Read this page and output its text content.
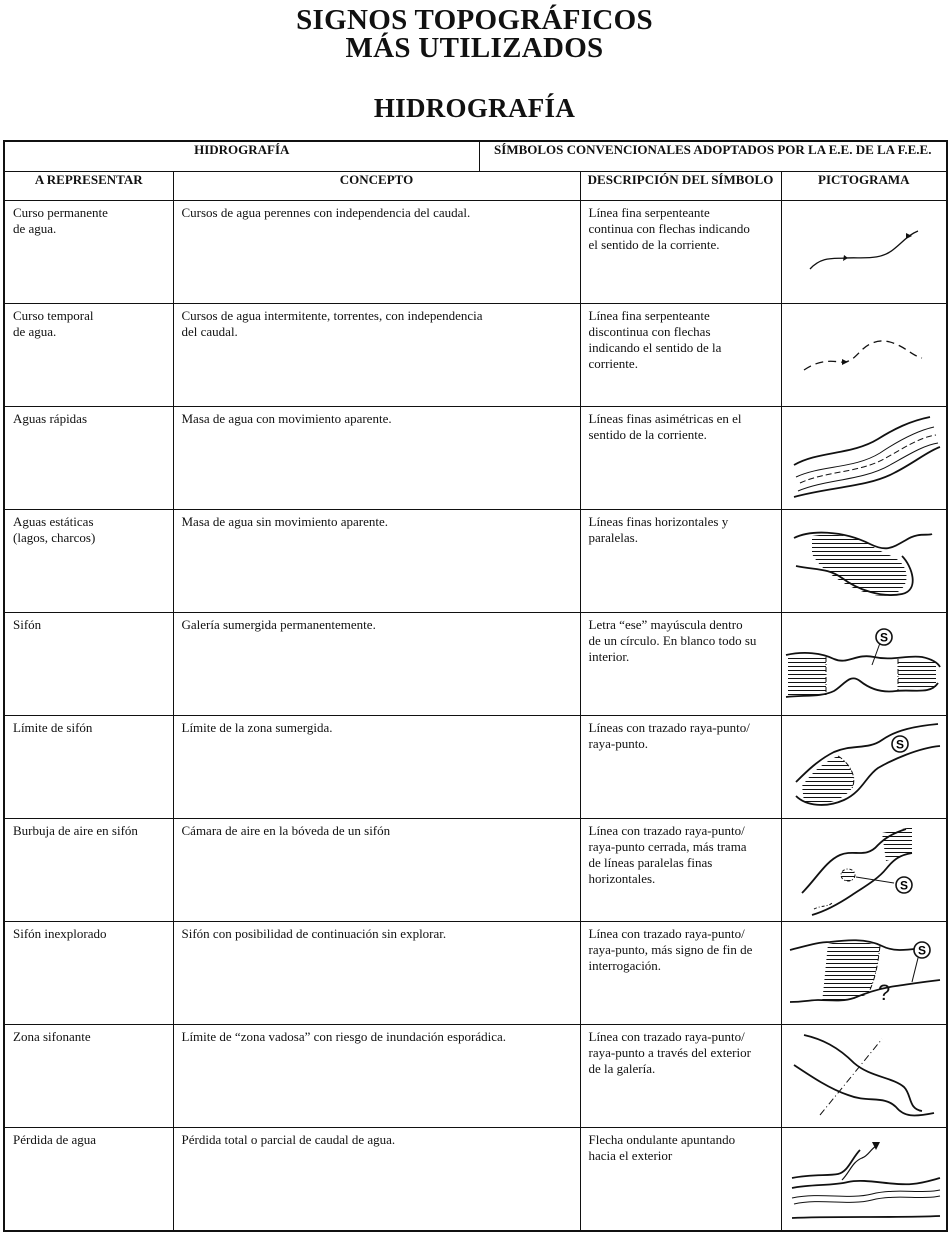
SIGNOS TOPOGRÁFICOS
MÁS UTILIZADOS
HIDROGRAFÍA
HIDROGRAFÍA		SÍMBOLOS CONVENCIONALES ADOPTADOS POR LA E.E. DE LA F.E.E.		
A REPRESENTAR	CONCEPTO		DESCRIPCIÓN DEL SÍMBOLO	PICTOGRAMA

Curso permanente
de agua.	Cursos de agua perennes con independencia del caudal.		Línea fina serpenteante
continua con flechas indicando
el sentido de la corriente.

Curso temporal
de agua.	Cursos de agua intermitente, torrentes, con independencia
del caudal.		Línea fina serpenteante
discontinua con flechas
indicando el sentido de la
corriente.

Aguas rápidas	Masa de agua con movimiento aparente.		Líneas finas asimétricas en el
sentido de la corriente.

Aguas estáticas
(lagos, charcos)	Masa de agua sin movimiento aparente.		Líneas finas horizontales y
paralelas.

Sifón	Galería sumergida permanentemente.		Letra “ese” mayúscula dentro
de un círculo. En blanco todo su
interior.	S

Límite de sifón	Límite de la zona sumergida.		Líneas con trazado raya-punto/
raya-punto.	S

Burbuja de aire en sifón	Cámara de aire en la bóveda de un sifón		Línea con trazado raya-punto/
raya-punto cerrada, más trama
de líneas paralelas finas
horizontales.	S

Sifón inexplorado	Sifón con posibilidad de continuación sin explorar.		Línea con trazado raya-punto/
raya-punto, más signo de fin de
interrogación.	?
S

Zona sifonante	Límite de “zona vadosa” con riesgo de inundación esporádica.		Línea con trazado raya-punto/
raya-punto a través del exterior
de la galería.

Pérdida de agua	Pérdida total o parcial de caudal de agua.		Flecha ondulante apuntando
hacia el exterior
